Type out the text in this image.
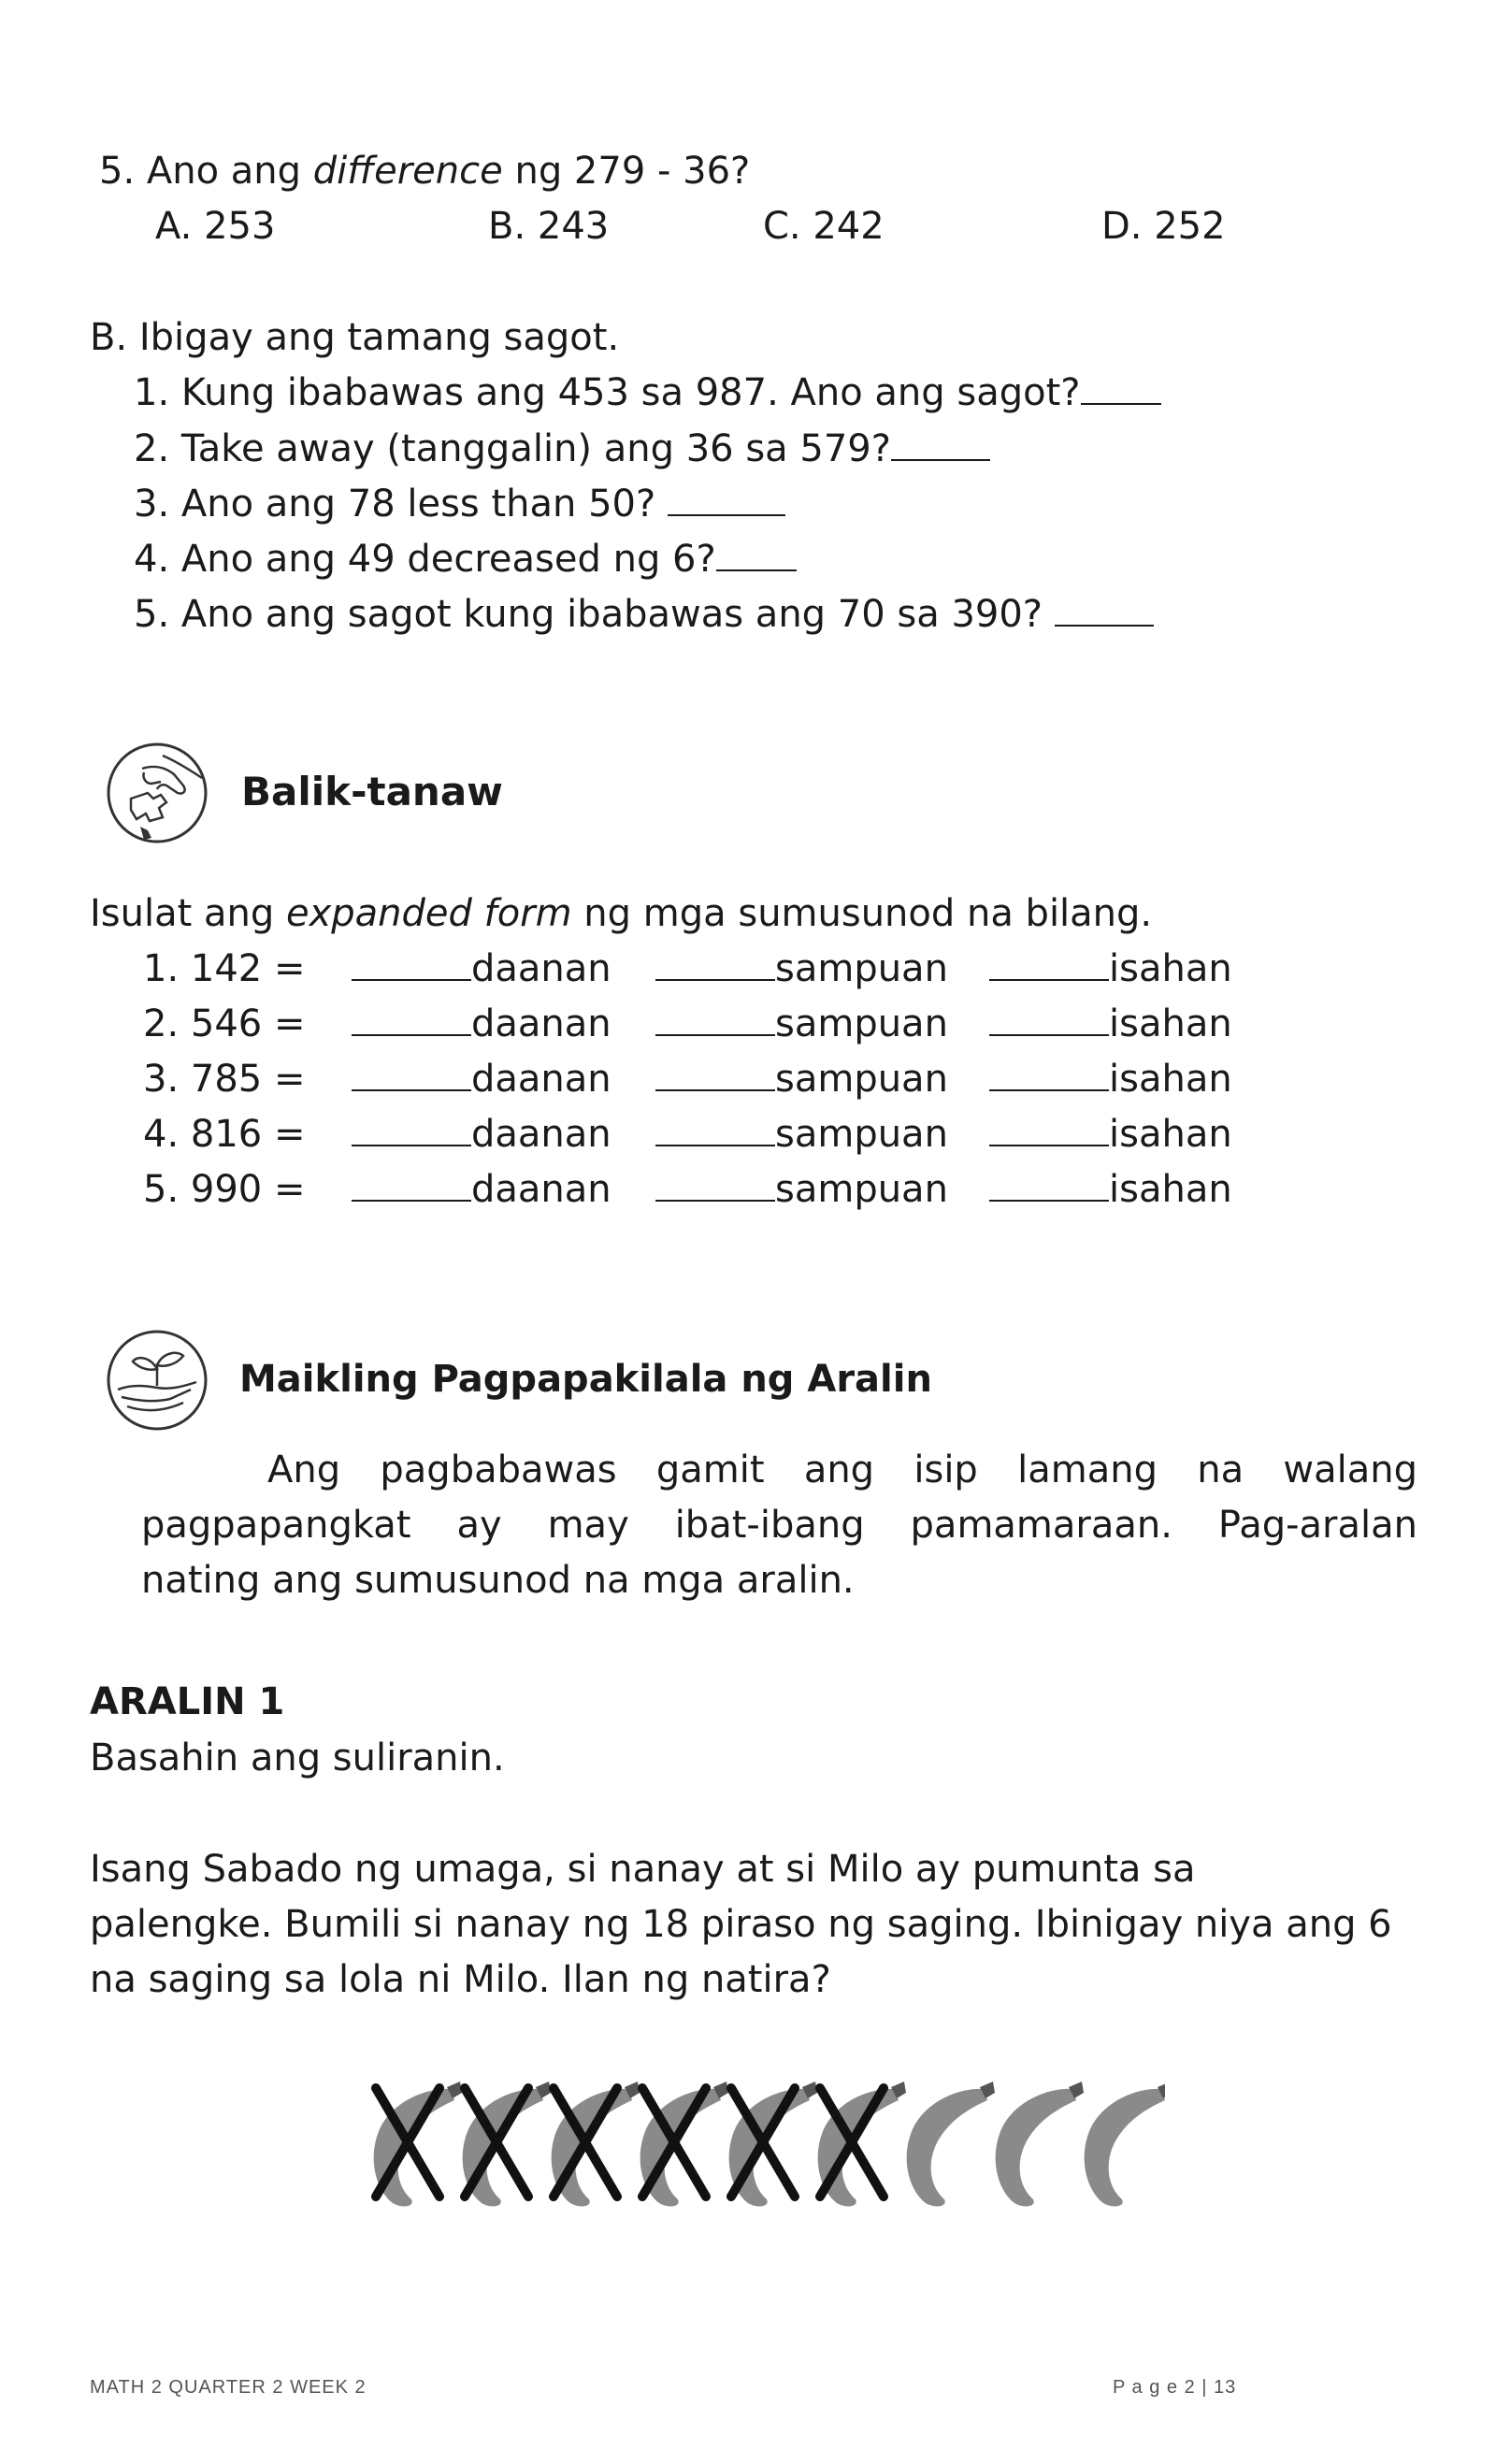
5. Ano ang difference ng 279 - 36?
A. 253	B. 243	C. 242	D. 252
B. Ibigay ang tamang sagot.
1. Kung ibabawas ang 453 sa 987. Ano ang sagot?
2. Take away (tanggalin) ang 36 sa 579?
3. Ano ang 78 less than 50?
4. Ano ang 49 decreased ng 6?
5. Ano ang sagot kung ibabawas ang 70 sa 390?
Balik-tanaw
Isulat ang expanded form ng mga sumusunod na bilang.
1. 142 =	daanan	sampuan	isahan
2. 546 =	daanan	sampuan	isahan
3. 785 =	daanan	sampuan	isahan
4. 816 =	daanan	sampuan	isahan
5. 990 =	daanan	sampuan	isahan
Maikling Pagpapakilala ng Aralin
Ang pagbabawas gamit ang isip lamang na walang
pagpapangkat ay may ibat-ibang pamamaraan. Pag-aralan
nating ang sumusunod na mga aralin.
ARALIN 1
Basahin ang suliranin.
Isang Sabado ng umaga, si nanay at si Milo ay pumunta sa
palengke. Bumili si nanay ng 18 piraso ng saging. Ibinigay niya ang 6
na saging sa lola ni Milo. Ilan ng natira?
MATH 2 QUARTER 2 WEEK 2	P a g e 2 | 13
